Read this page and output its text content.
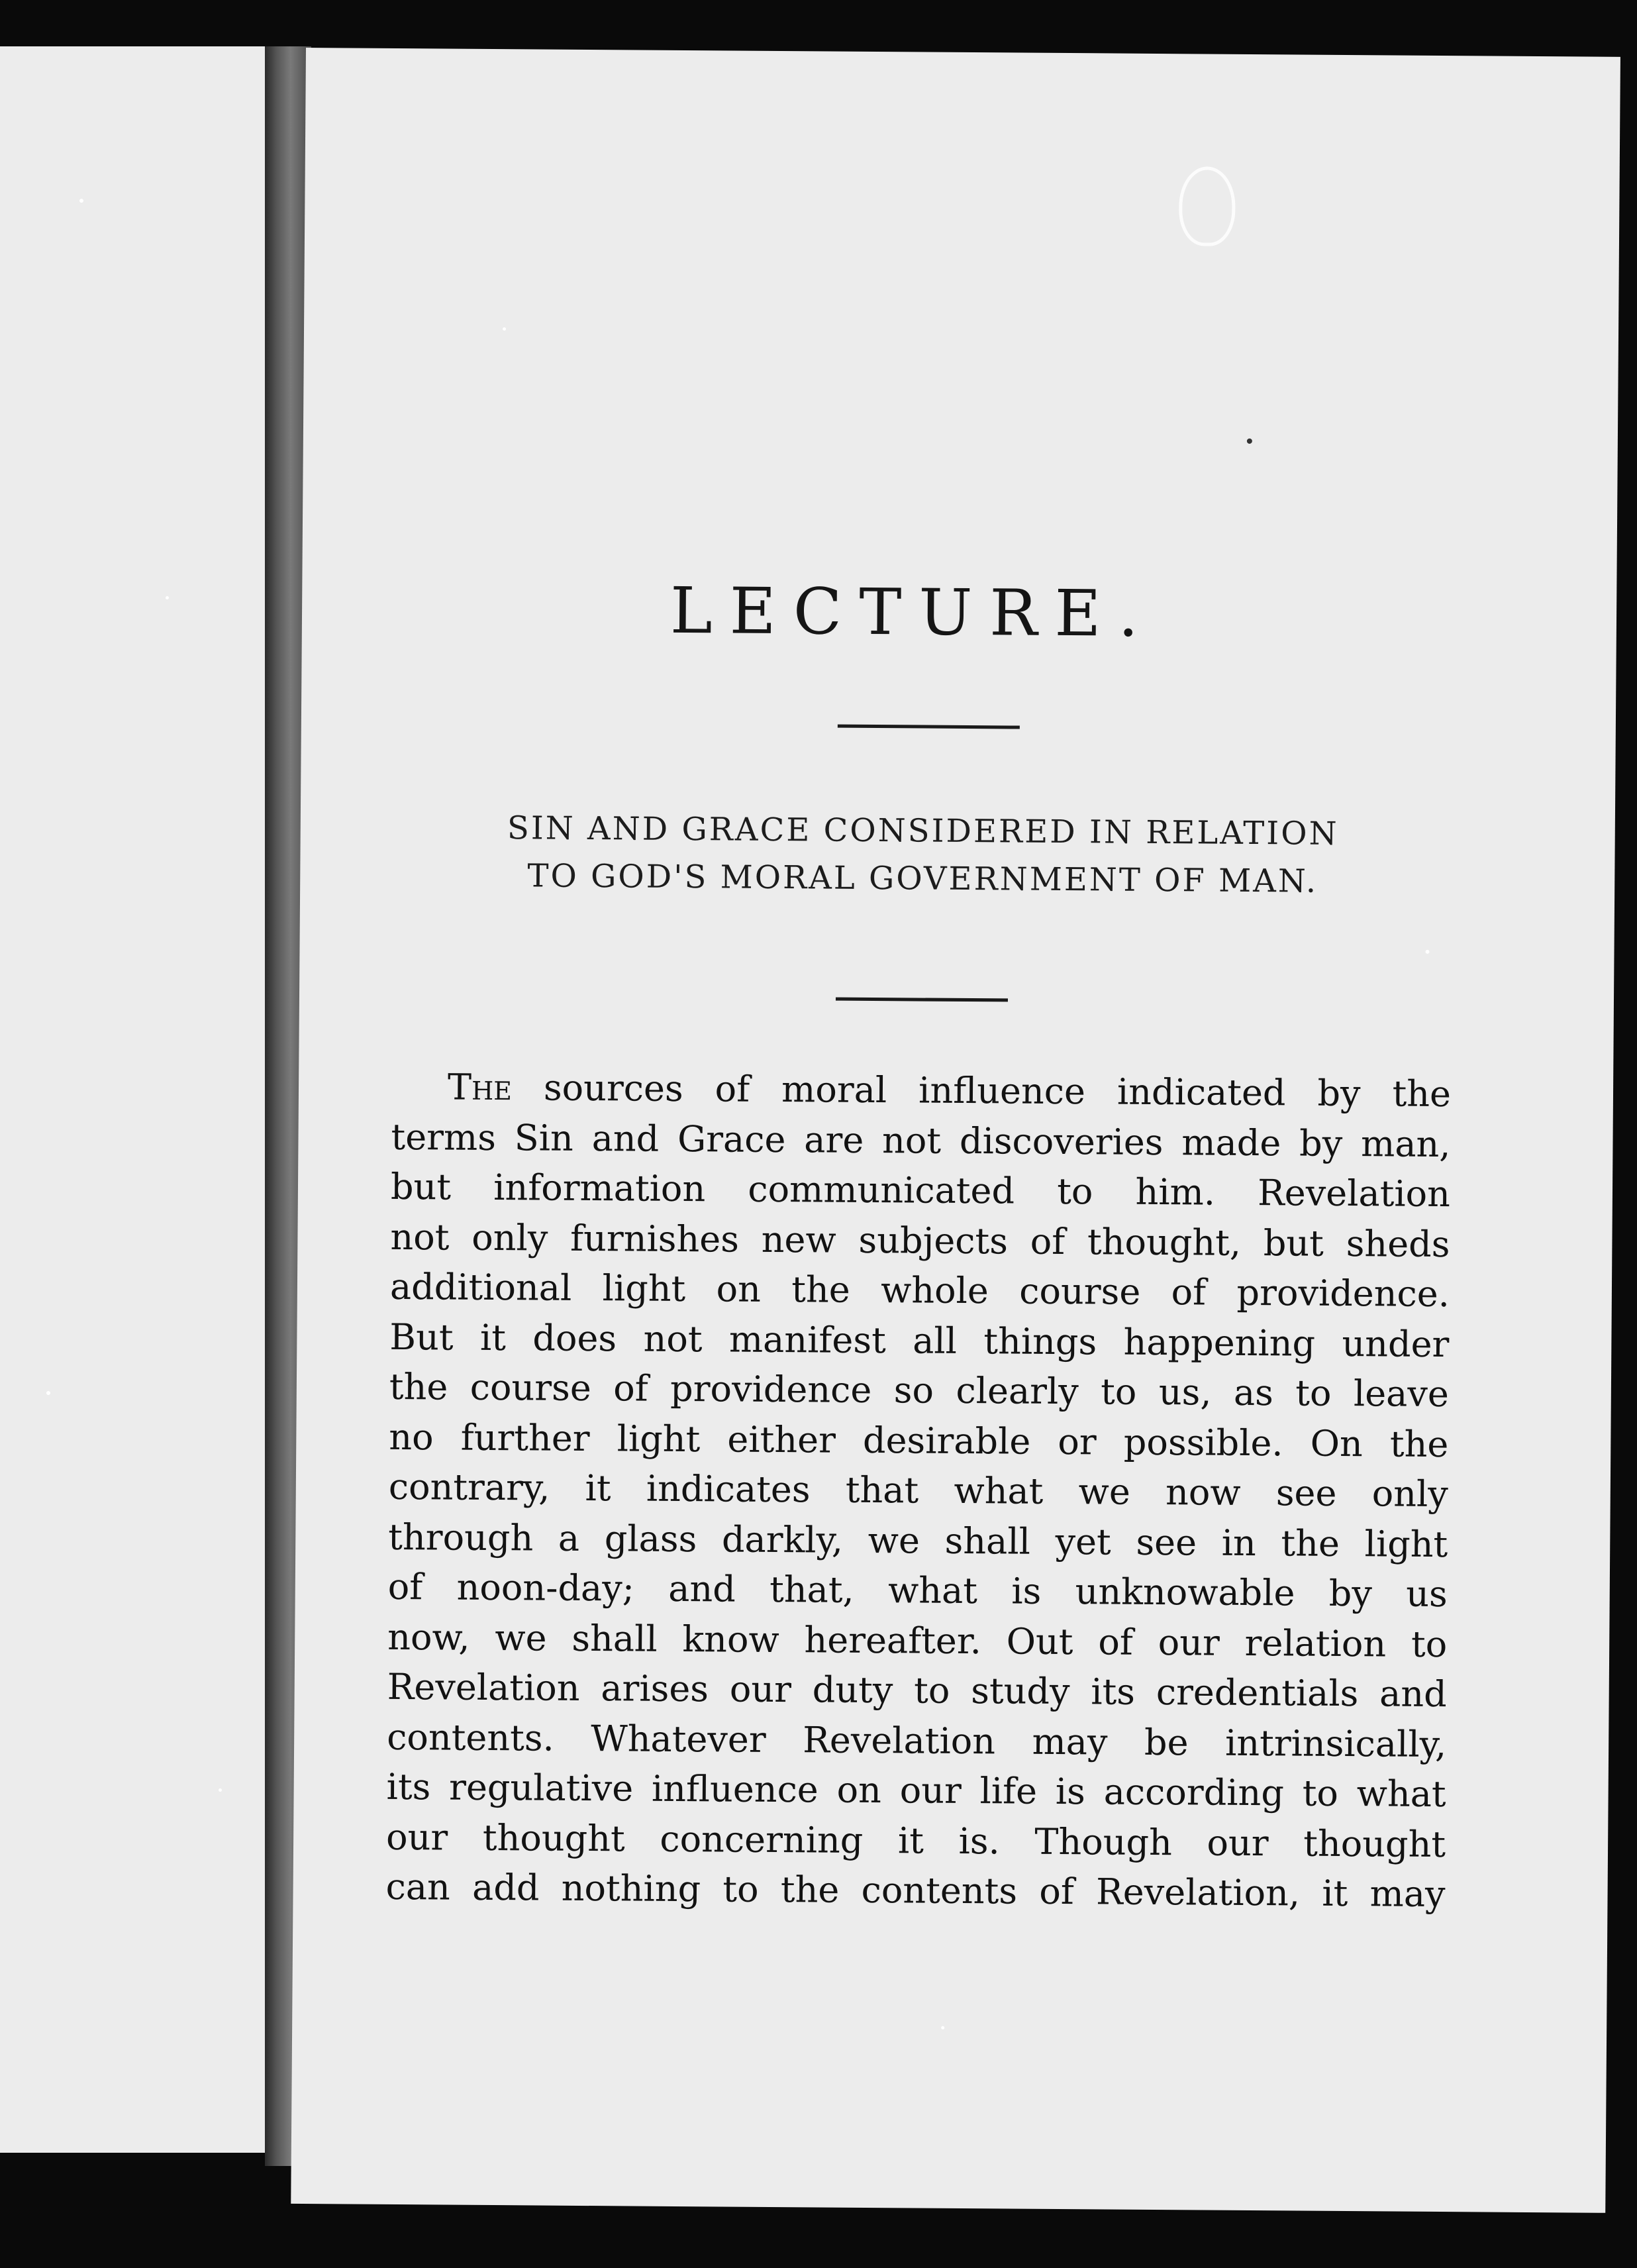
LECTURE.
SIN AND GRACE CONSIDERED IN RELATION
TO GOD'S MORAL GOVERNMENT OF MAN.

The sources of moral influence indicated by the
terms Sin and Grace are not discoveries made by man,
but information communicated to him. Revelation
not only furnishes new subjects of thought, but sheds
additional light on the whole course of providence.
But it does not manifest all things happening under
the course of providence so clearly to us, as to leave
no further light either desirable or possible. On the
contrary, it indicates that what we now see only
through a glass darkly, we shall yet see in the light
of noon-day; and that, what is unknowable by us
now, we shall know hereafter. Out of our relation to
Revelation arises our duty to study its credentials and
contents. Whatever Revelation may be intrinsically,
its regulative influence on our life is according to what
our thought concerning it is. Though our thought
can add nothing to the contents of Revelation, it may
